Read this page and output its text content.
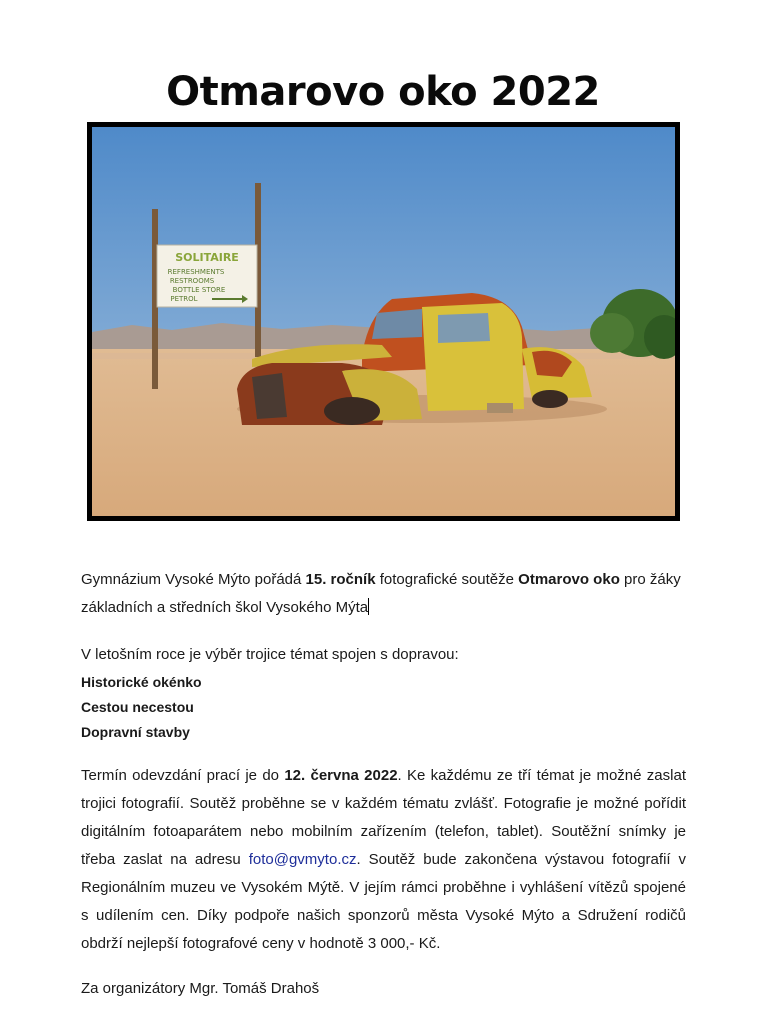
Otmarovo oko 2022
SOLITAIRE
REFRESHMENTS
RESTROOMS
BOTTLE STORE
PETROL
Gymnázium Vysoké Mýto pořádá 15. ročník fotografické soutěže Otmarovo oko pro žáky základních a středních škol Vysokého Mýta
V letošním roce je výběr trojice témat spojen s dopravou:
Historické okénko
Cestou necestou
Dopravní stavby
Termín odevzdání prací je do 12. června 2022. Ke každému ze tří témat je možné zaslat trojici fotografií. Soutěž proběhne se v každém tématu zvlášť. Fotografie je možné pořídit digitálním fotoaparátem nebo mobilním zařízením (telefon, tablet). Soutěžní snímky je třeba zaslat na adresu foto@gvmyto.cz. Soutěž bude zakončena výstavou fotografií v Regionálním muzeu ve Vysokém Mýtě. V jejím rámci proběhne i vyhlášení vítězů spojené s udílením cen. Díky podpoře našich sponzorů města Vysoké Mýto a Sdružení rodičů obdrží nejlepší fotografové ceny v hodnotě 3 000,- Kč.
Za organizátory Mgr. Tomáš Drahoš
